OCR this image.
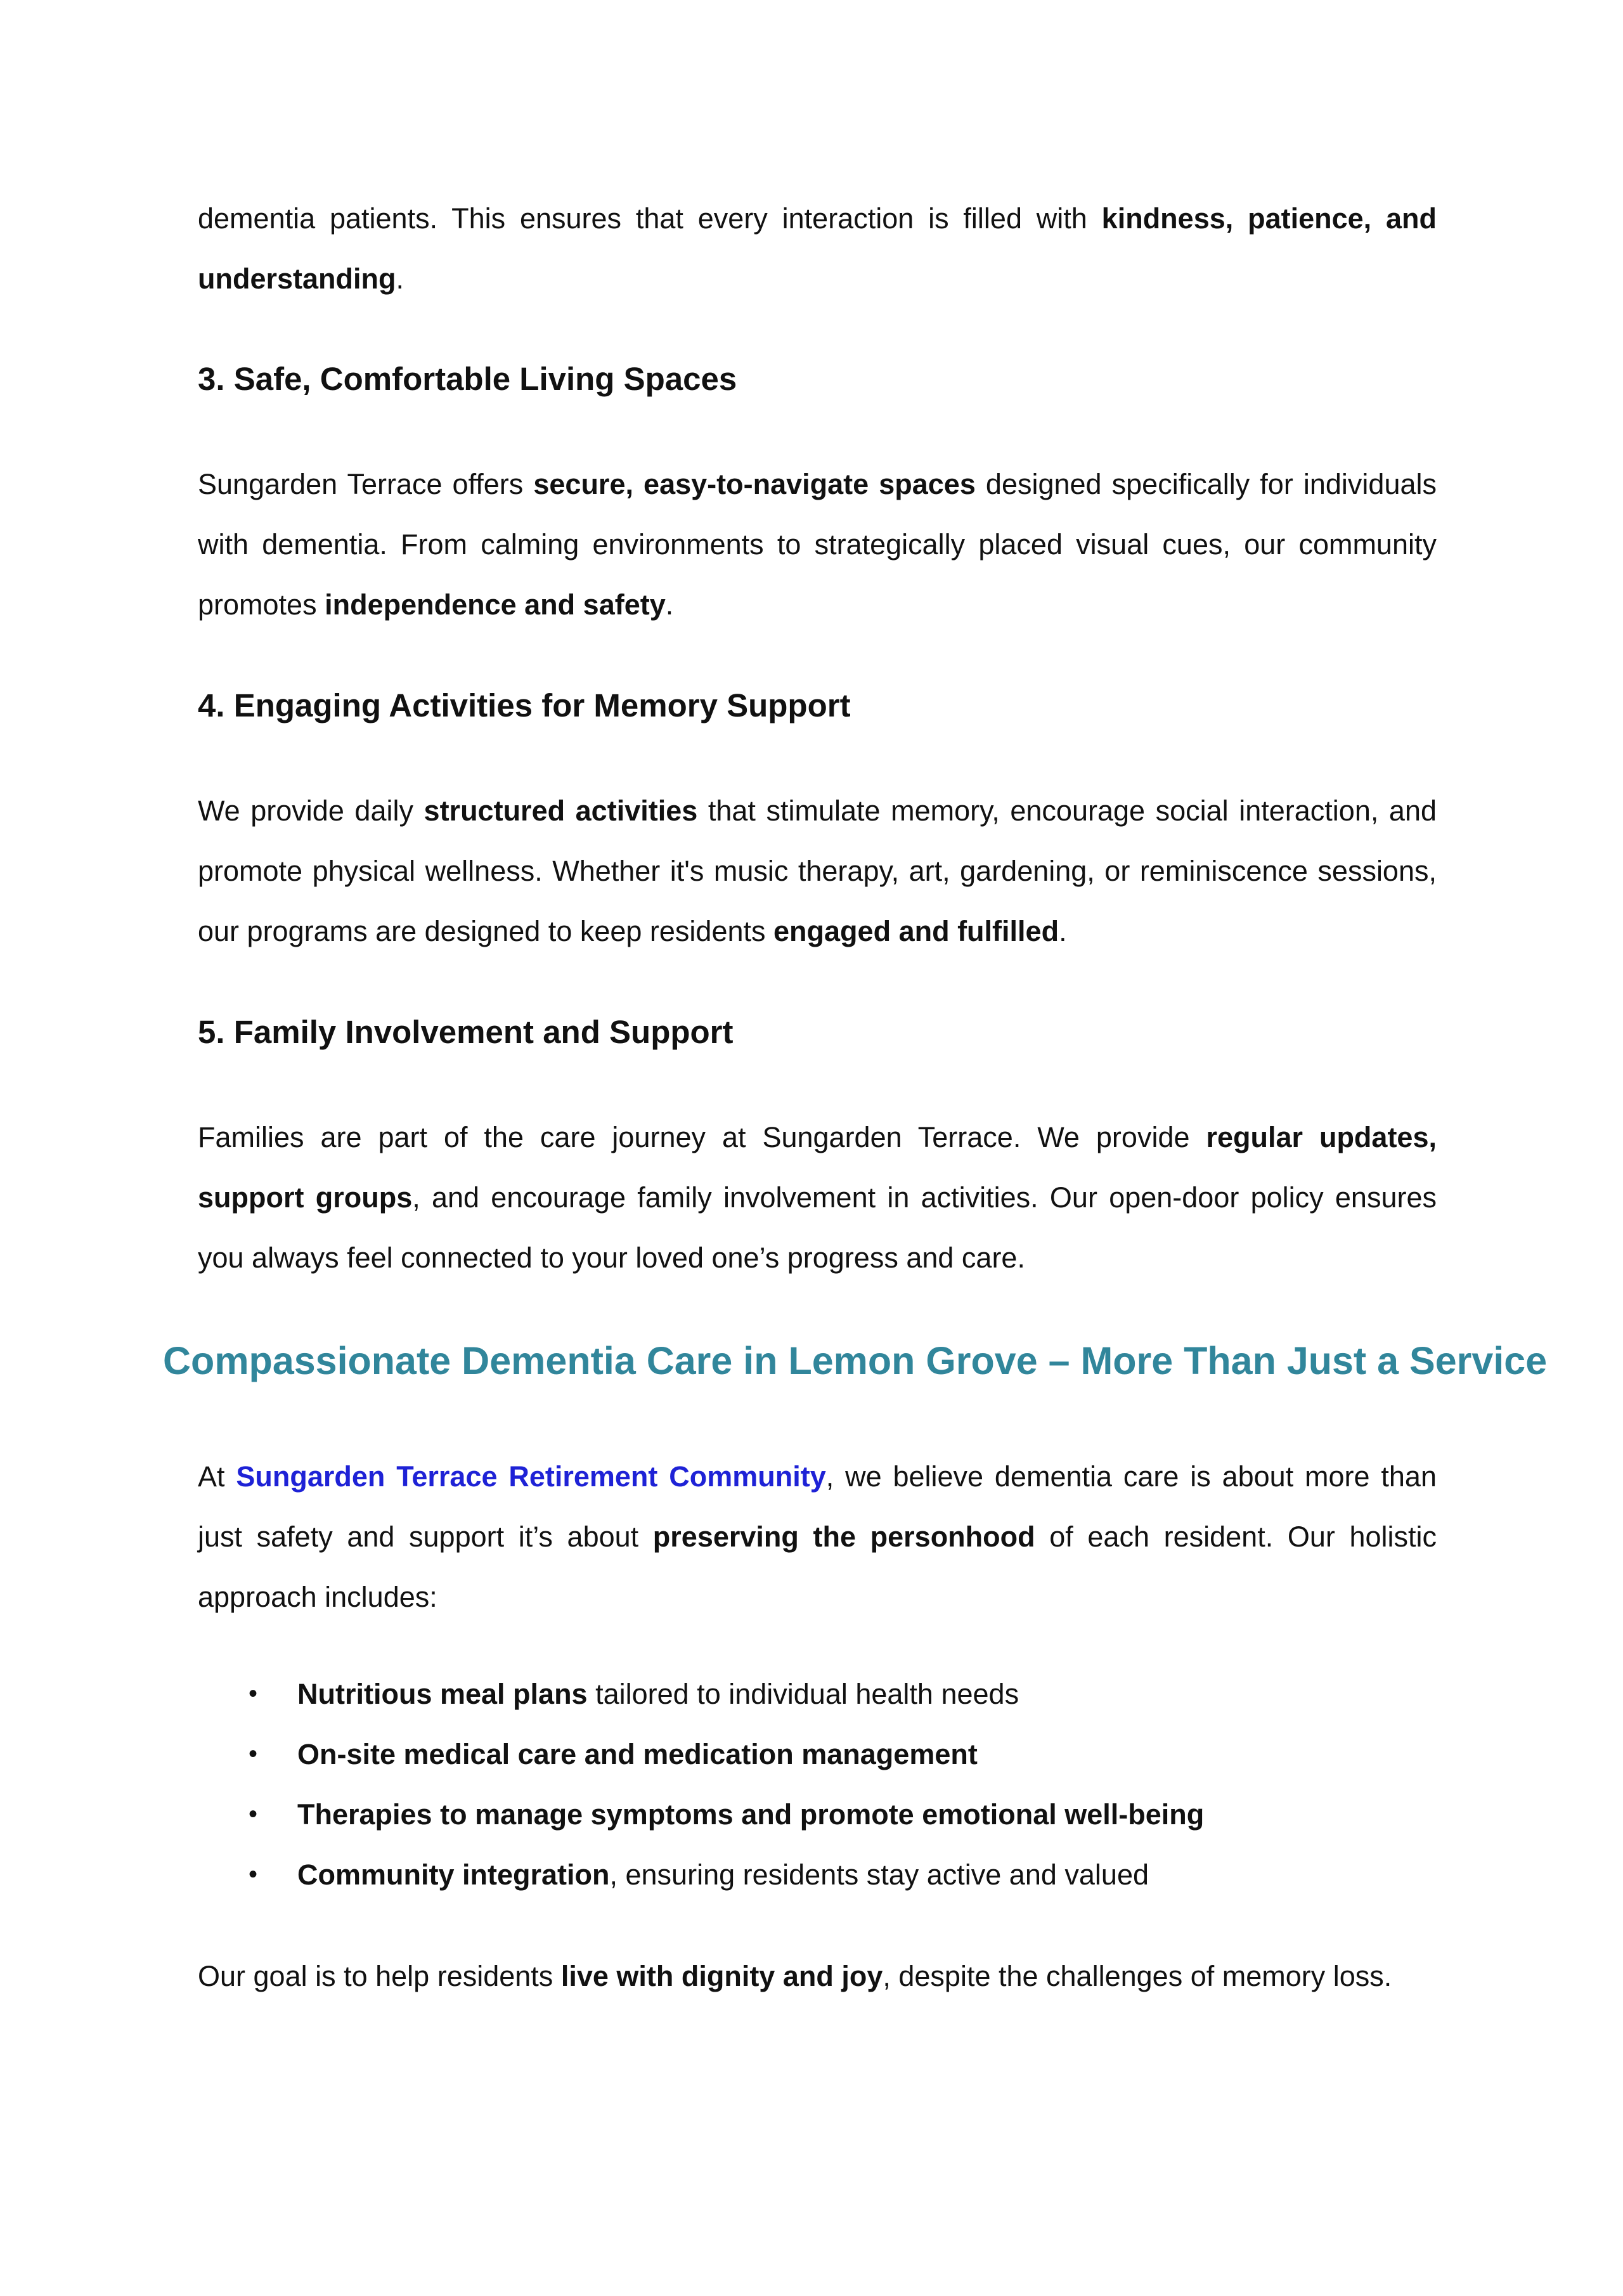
dementia patients. This ensures that every interaction is filled with kindness, patience, and understanding.

3. Safe, Comfortable Living Spaces

Sungarden Terrace offers secure, easy-to-navigate spaces designed specifically for individuals with dementia. From calming environments to strategically placed visual cues, our community promotes independence and safety.

4. Engaging Activities for Memory Support

We provide daily structured activities that stimulate memory, encourage social interaction, and promote physical wellness. Whether it's music therapy, art, gardening, or reminiscence sessions, our programs are designed to keep residents engaged and fulfilled.

5. Family Involvement and Support

Families are part of the care journey at Sungarden Terrace. We provide regular updates, support groups, and encourage family involvement in activities. Our open-door policy ensures you always feel connected to your loved one’s progress and care.

Compassionate Dementia Care in Lemon Grove – More Than Just a Service

At Sungarden Terrace Retirement Community, we believe dementia care is about more than just safety and support it’s about preserving the personhood of each resident. Our holistic approach includes:

• Nutritious meal plans tailored to individual health needs
• On-site medical care and medication management
• Therapies to manage symptoms and promote emotional well-being
• Community integration, ensuring residents stay active and valued

Our goal is to help residents live with dignity and joy, despite the challenges of memory loss.
